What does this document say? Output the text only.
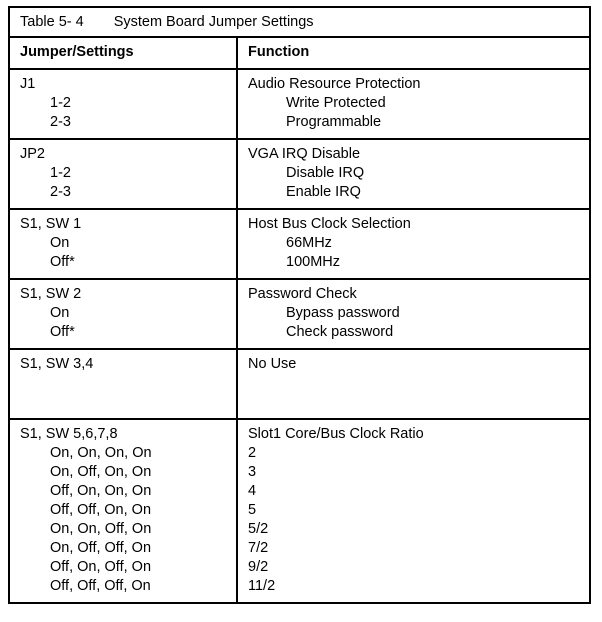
Table 5- 4 System Board Jumper Settings
Jumper/Settings	Function
J1
1-2
2-3
Audio Resource Protection
Write Protected
Programmable
JP2
1-2
2-3
VGA IRQ Disable
Disable IRQ
Enable IRQ
S1, SW 1
On
Off*
Host Bus Clock Selection
66MHz
100MHz
S1, SW 2
On
Off*
Password Check
Bypass password
Check password
S1, SW 3,4	No Use
S1, SW 5,6,7,8
On, On, On, On
On, Off, On, On
Off, On, On, On
Off, Off, On, On
On, On, Off, On
On, Off, Off, On
Off, On, Off, On
Off, Off, Off, On
Slot1 Core/Bus Clock Ratio
2
3
4
5
5/2
7/2
9/2
11/2
